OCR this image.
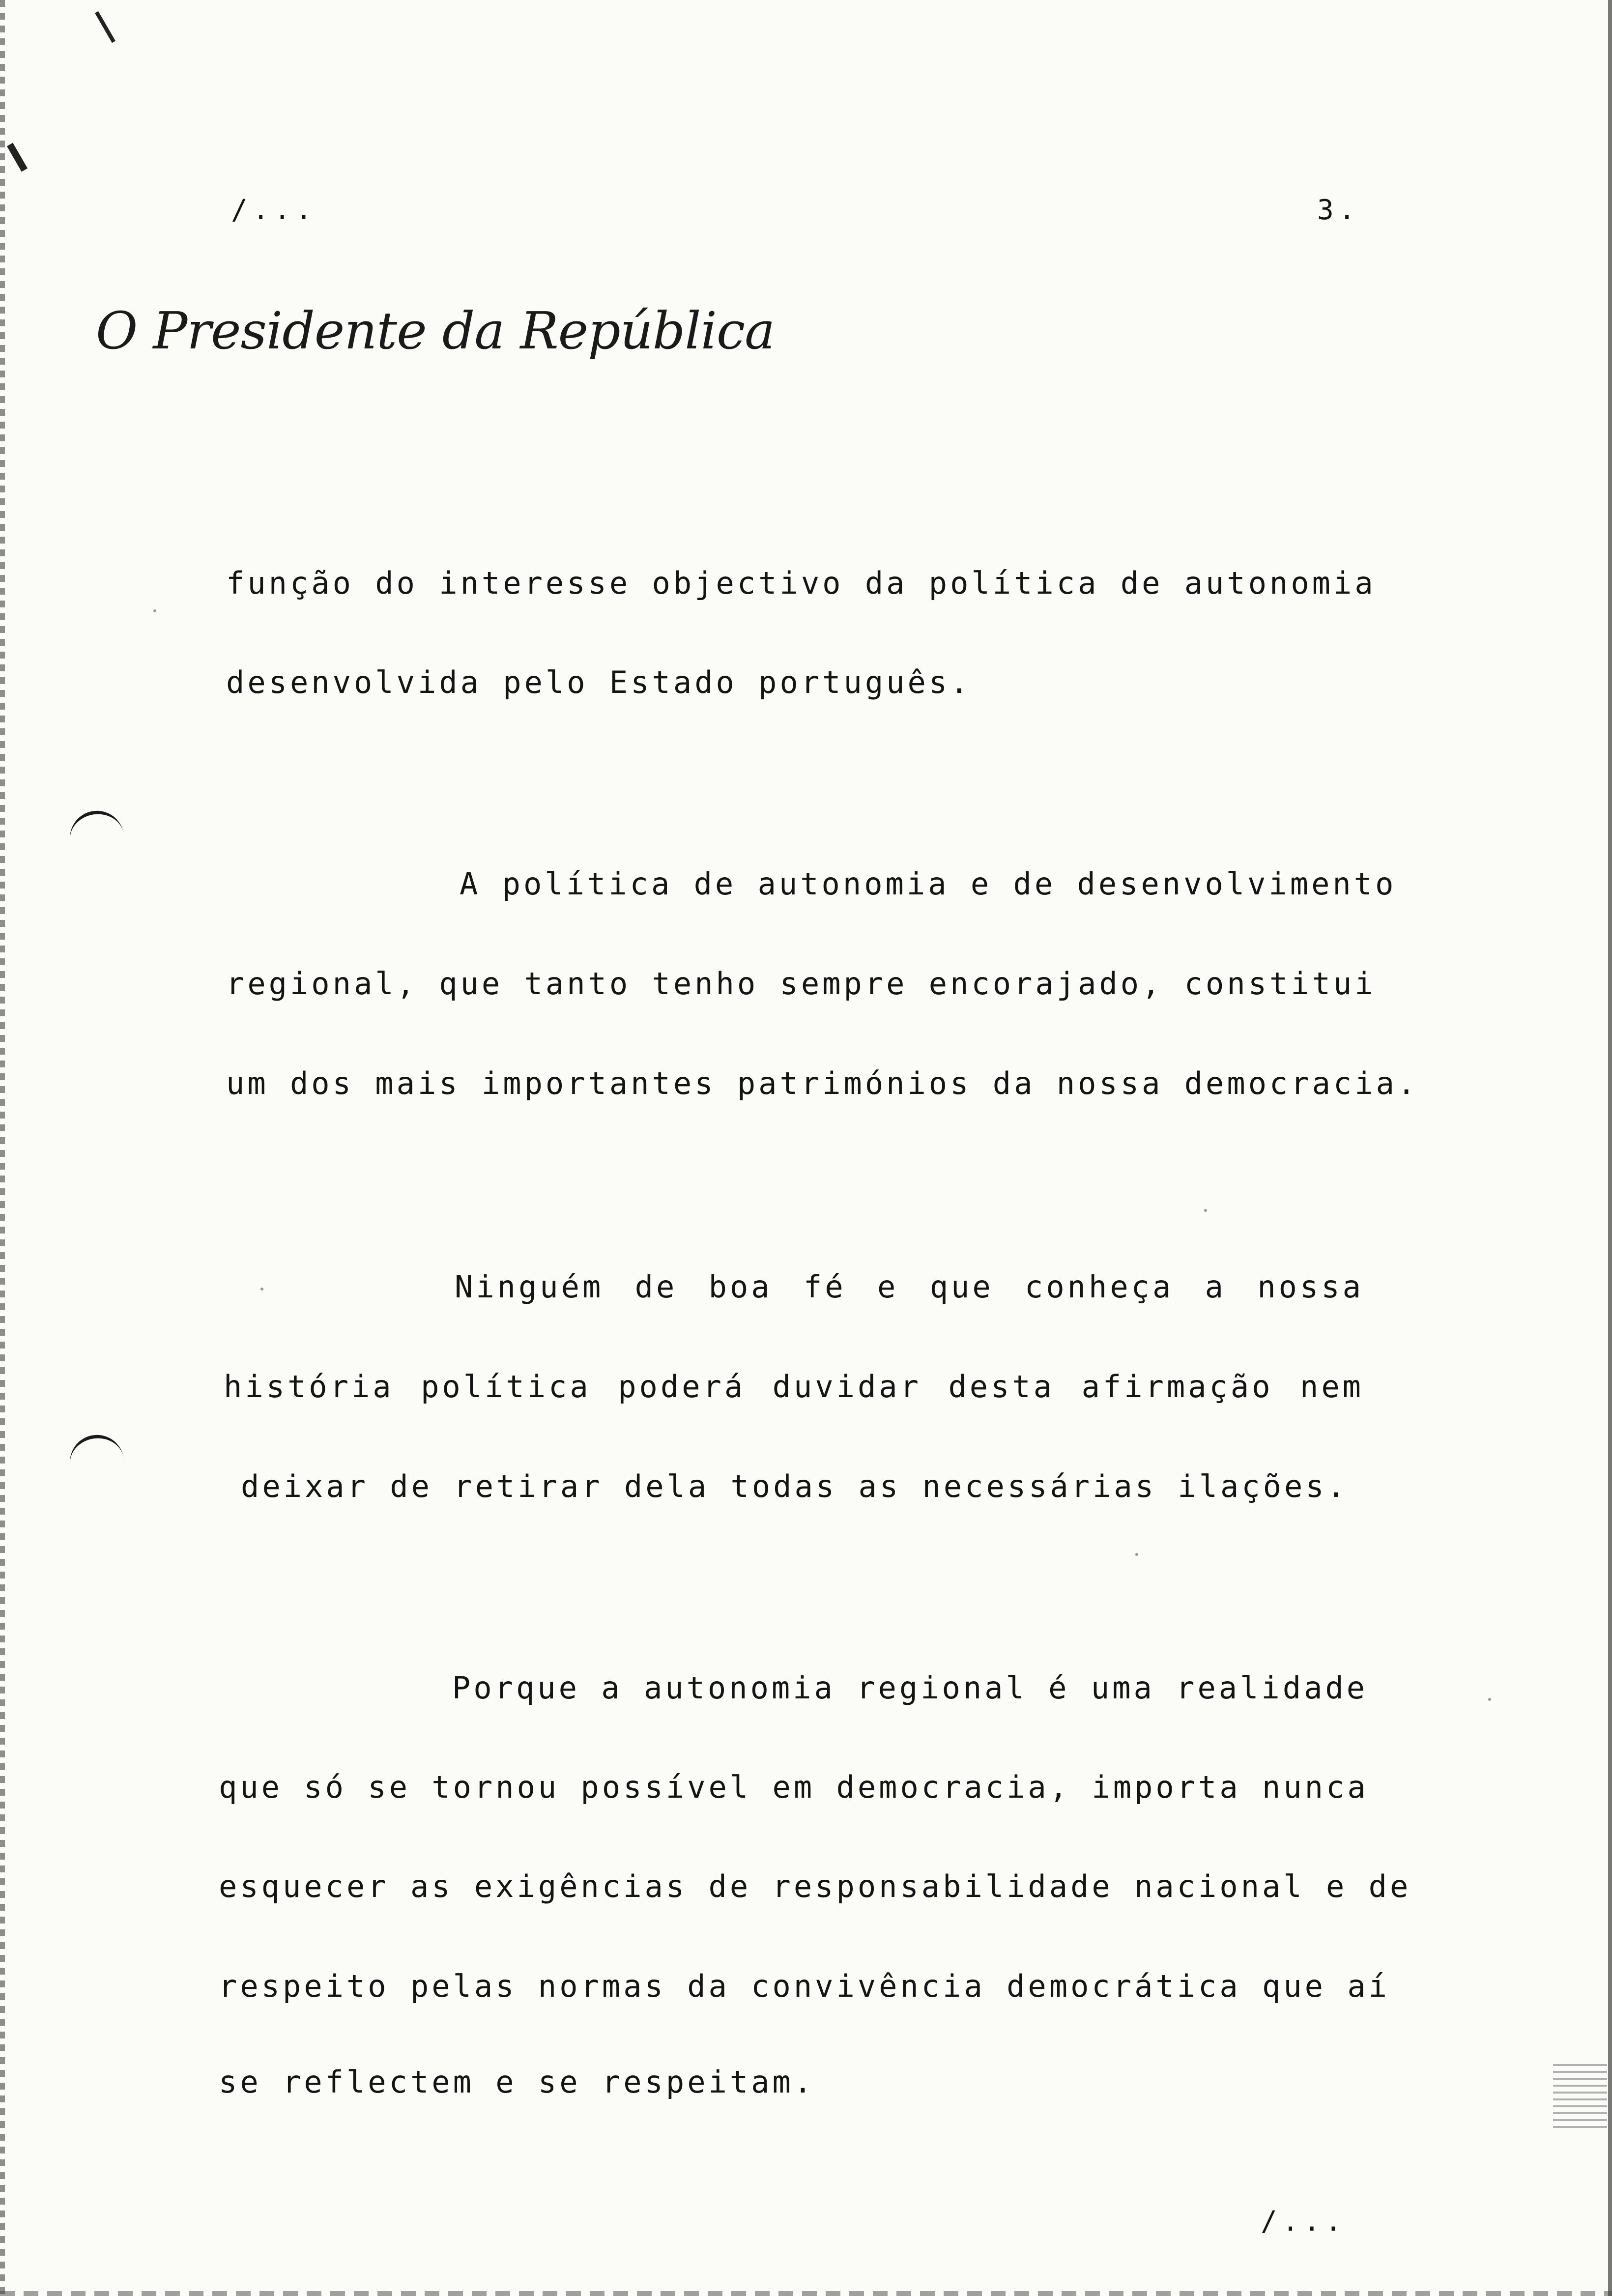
/...	3.
O Presidente da República
função do interesse objectivo da política de autonomia
desenvolvida pelo Estado português.
A política de autonomia e de desenvolvimento
regional, que tanto tenho sempre encorajado, constitui
um dos mais importantes patrimónios da nossa democracia.
Ninguém de boa fé e que conheça a nossa
história política poderá duvidar desta afirmação nem
deixar de retirar dela todas as necessárias ilações.
Porque a autonomia regional é uma realidade
que só se tornou possível em democracia, importa nunca
esquecer as exigências de responsabilidade nacional e de
respeito pelas normas da convivência democrática que aí
se reflectem e se respeitam.
/...
